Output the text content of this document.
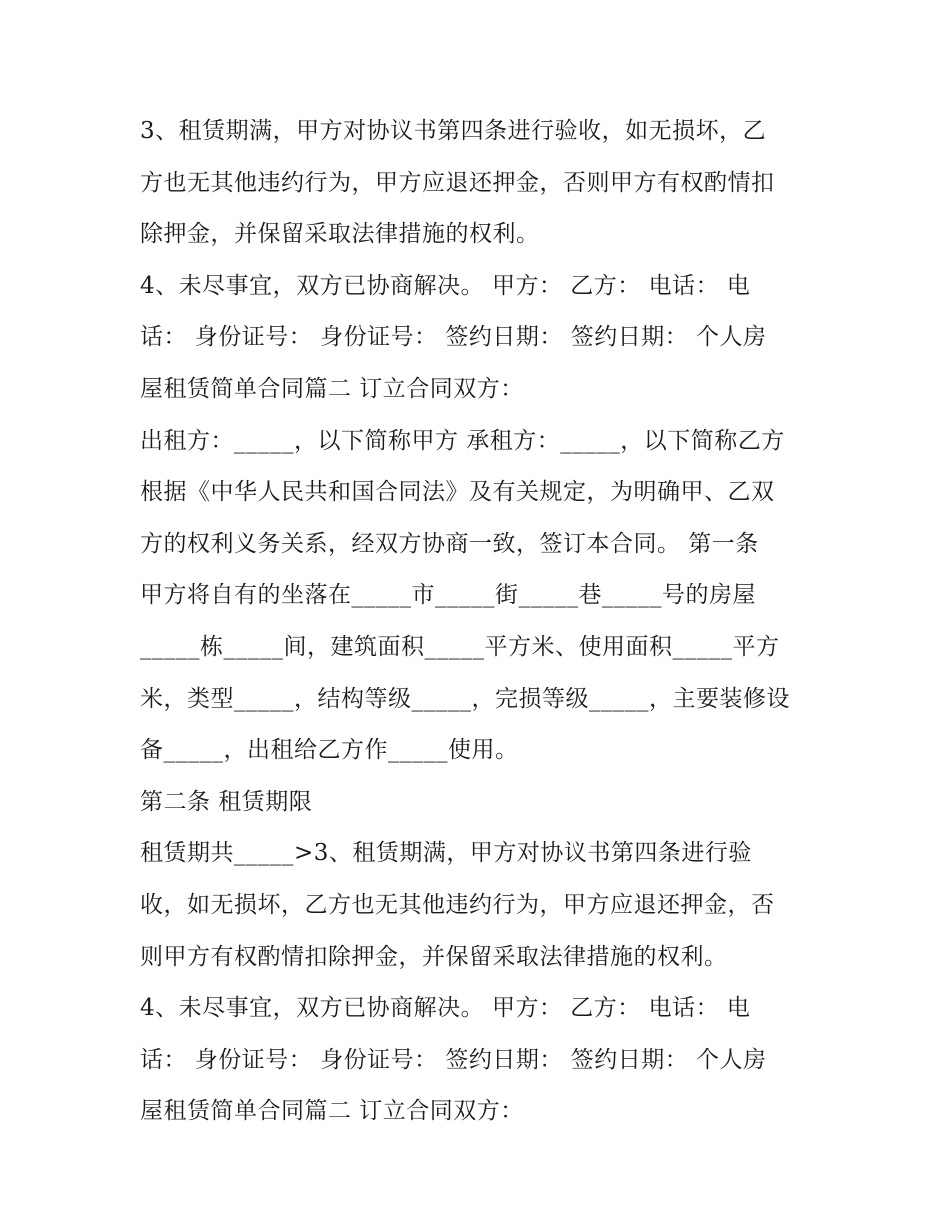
3、租赁期满，甲方对协议书第四条进行验收，如无损坏，乙
方也无其他违约行为，甲方应退还押金，否则甲方有权酌情扣
除押金，并保留采取法律措施的权利。
4、未尽事宜，双方已协商解决。 甲方： 乙方： 电话： 电
话： 身份证号： 身份证号： 签约日期： 签约日期： 个人房
屋租赁简单合同篇二 订立合同双方：
出租方：_____，以下简称甲方 承租方：_____，以下简称乙方
根据《中华人民共和国合同法》及有关规定，为明确甲、乙双
方的权利义务关系，经双方协商一致，签订本合同。 第一条
甲方将自有的坐落在_____市_____街_____巷_____号的房屋
_____栋_____间，建筑面积_____平方米、使用面积_____平方
米，类型_____，结构等级_____，完损等级_____，主要装修设
备_____，出租给乙方作_____使用。
第二条 租赁期限
租赁期共_____>3、租赁期满，甲方对协议书第四条进行验
收，如无损坏，乙方也无其他违约行为，甲方应退还押金，否
则甲方有权酌情扣除押金，并保留采取法律措施的权利。
4、未尽事宜，双方已协商解决。 甲方： 乙方： 电话： 电
话： 身份证号： 身份证号： 签约日期： 签约日期： 个人房
屋租赁简单合同篇二 订立合同双方：
